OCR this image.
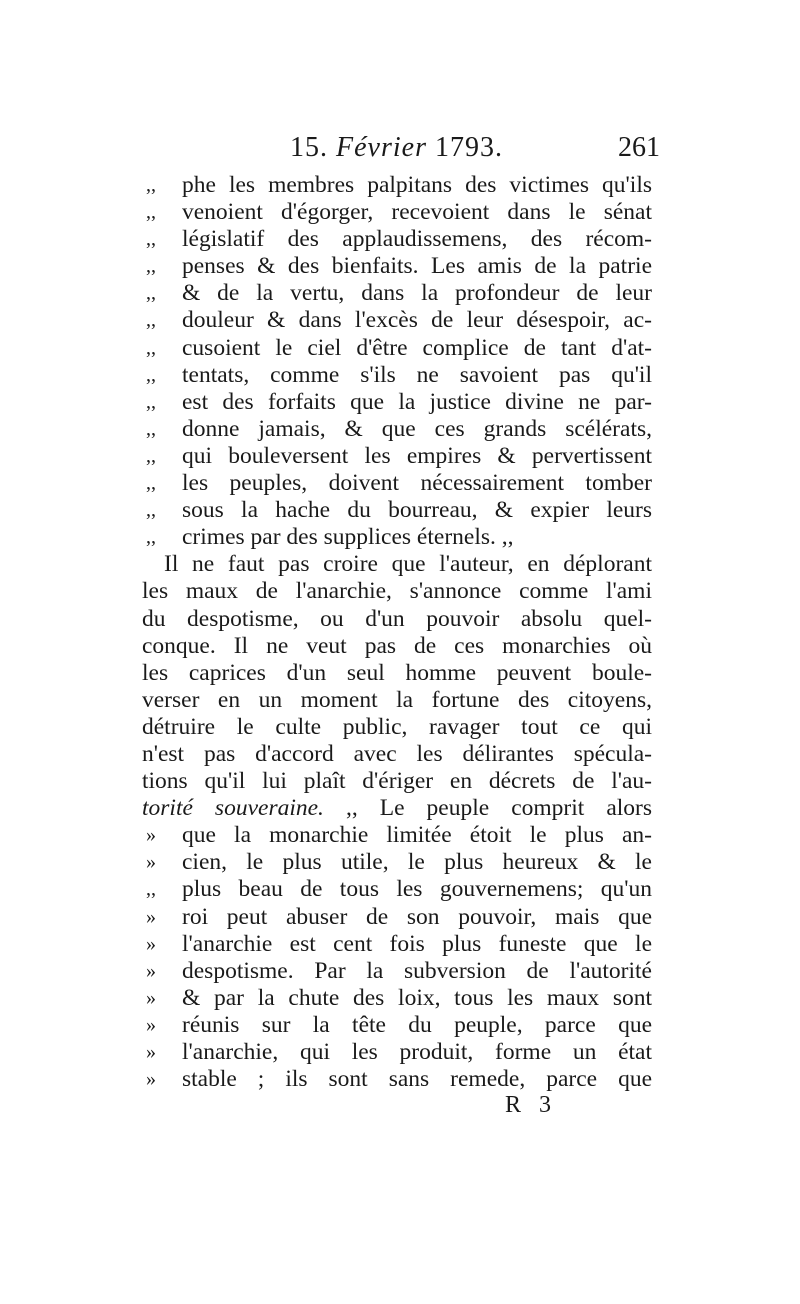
15. Février 1793.	261
,,	phe les membres palpitans des victimes qu'ils
,,	venoient d'égorger, recevoient dans le sénat
,,	législatif des applaudissemens, des récom-
,,	penses & des bienfaits. Les amis de la patrie
,,	& de la vertu, dans la profondeur de leur
,,	douleur & dans l'excès de leur désespoir, ac-
,,	cusoient le ciel d'être complice de tant d'at-
,,	tentats, comme s'ils ne savoient pas qu'il
,,	est des forfaits que la justice divine ne par-
,,	donne jamais, & que ces grands scélérats,
,,	qui bouleversent les empires & pervertissent
,,	les peuples, doivent nécessairement tomber
,,	sous la hache du bourreau, & expier leurs
,,	crimes par des supplices éternels. ,,
Il ne faut pas croire que l'auteur, en déplorant
les maux de l'anarchie, s'annonce comme l'ami
du despotisme, ou d'un pouvoir absolu quel-
conque. Il ne veut pas de ces monarchies où
les caprices d'un seul homme peuvent boule-
verser en un moment la fortune des citoyens,
détruire le culte public, ravager tout ce qui
n'est pas d'accord avec les délirantes spécula-
tions qu'il lui plaît d'ériger en décrets de l'au-
torité souveraine. ,, Le peuple comprit alors
»	que la monarchie limitée étoit le plus an-
»	cien, le plus utile, le plus heureux & le
,,	plus beau de tous les gouvernemens; qu'un
»	roi peut abuser de son pouvoir, mais que
»	l'anarchie est cent fois plus funeste que le
»	despotisme. Par la subversion de l'autorité
»	& par la chute des loix, tous les maux sont
»	réunis sur la tête du peuple, parce que
»	l'anarchie, qui les produit, forme un état
»	stable ; ils sont sans remede, parce que
R 3
